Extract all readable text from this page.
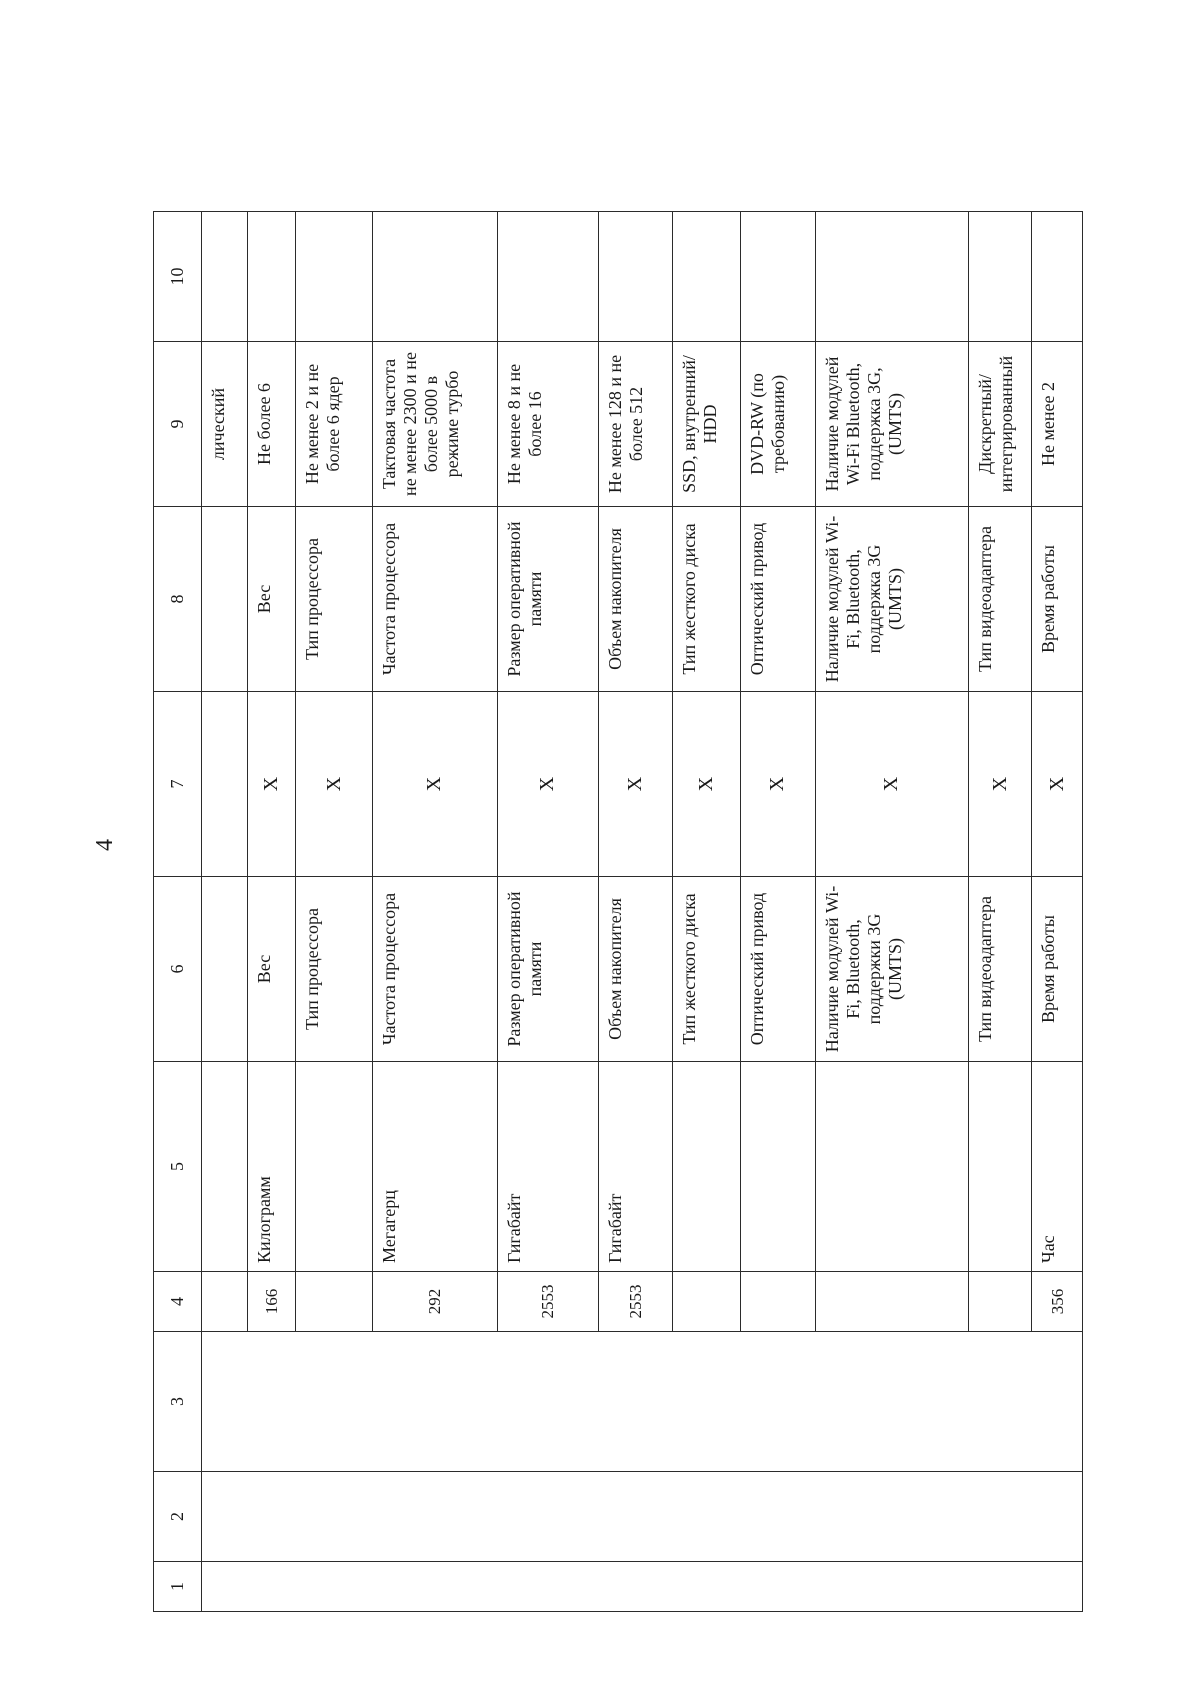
4
1	2	3	4	5	6	7	8	9	10
								лический	
			166	Килограмм	Вес	Х	Вес	Не более 6	
					Тип процессора	Х	Тип процессора	Не менее 2 и не более 6 ядер	
			292	Мегагерц	Частота процессора	Х	Частота процессора	Тактовая частота не менее 2300 и не более 5000 в режиме турбо	
			2553	Гигабайт	Размер оперативной памяти	Х	Размер оперативной памяти	Не менее 8 и не более 16	
			2553	Гигабайт	Объем накопителя	Х	Объем накопителя	Не менее 128 и не более 512	
					Тип жесткого диска	Х	Тип жесткого диска	SSD, внутренний/ HDD	
					Оптический привод	Х	Оптический привод	DVD-RW (по требованию)	
					Наличие модулей Wi-Fi, Bluetooth, поддержки 3G (UMTS)	Х	Наличие модулей Wi-Fi, Bluetooth, поддержка 3G (UMTS)	Наличие модулей Wi-Fi Bluetooth, поддержка 3G, (UMTS)	
					Тип видеоадаптера	Х	Тип видеоадаптера	Дискретный/интегрированный	
			356	Час	Время работы	Х	Время работы	Не менее 2	
